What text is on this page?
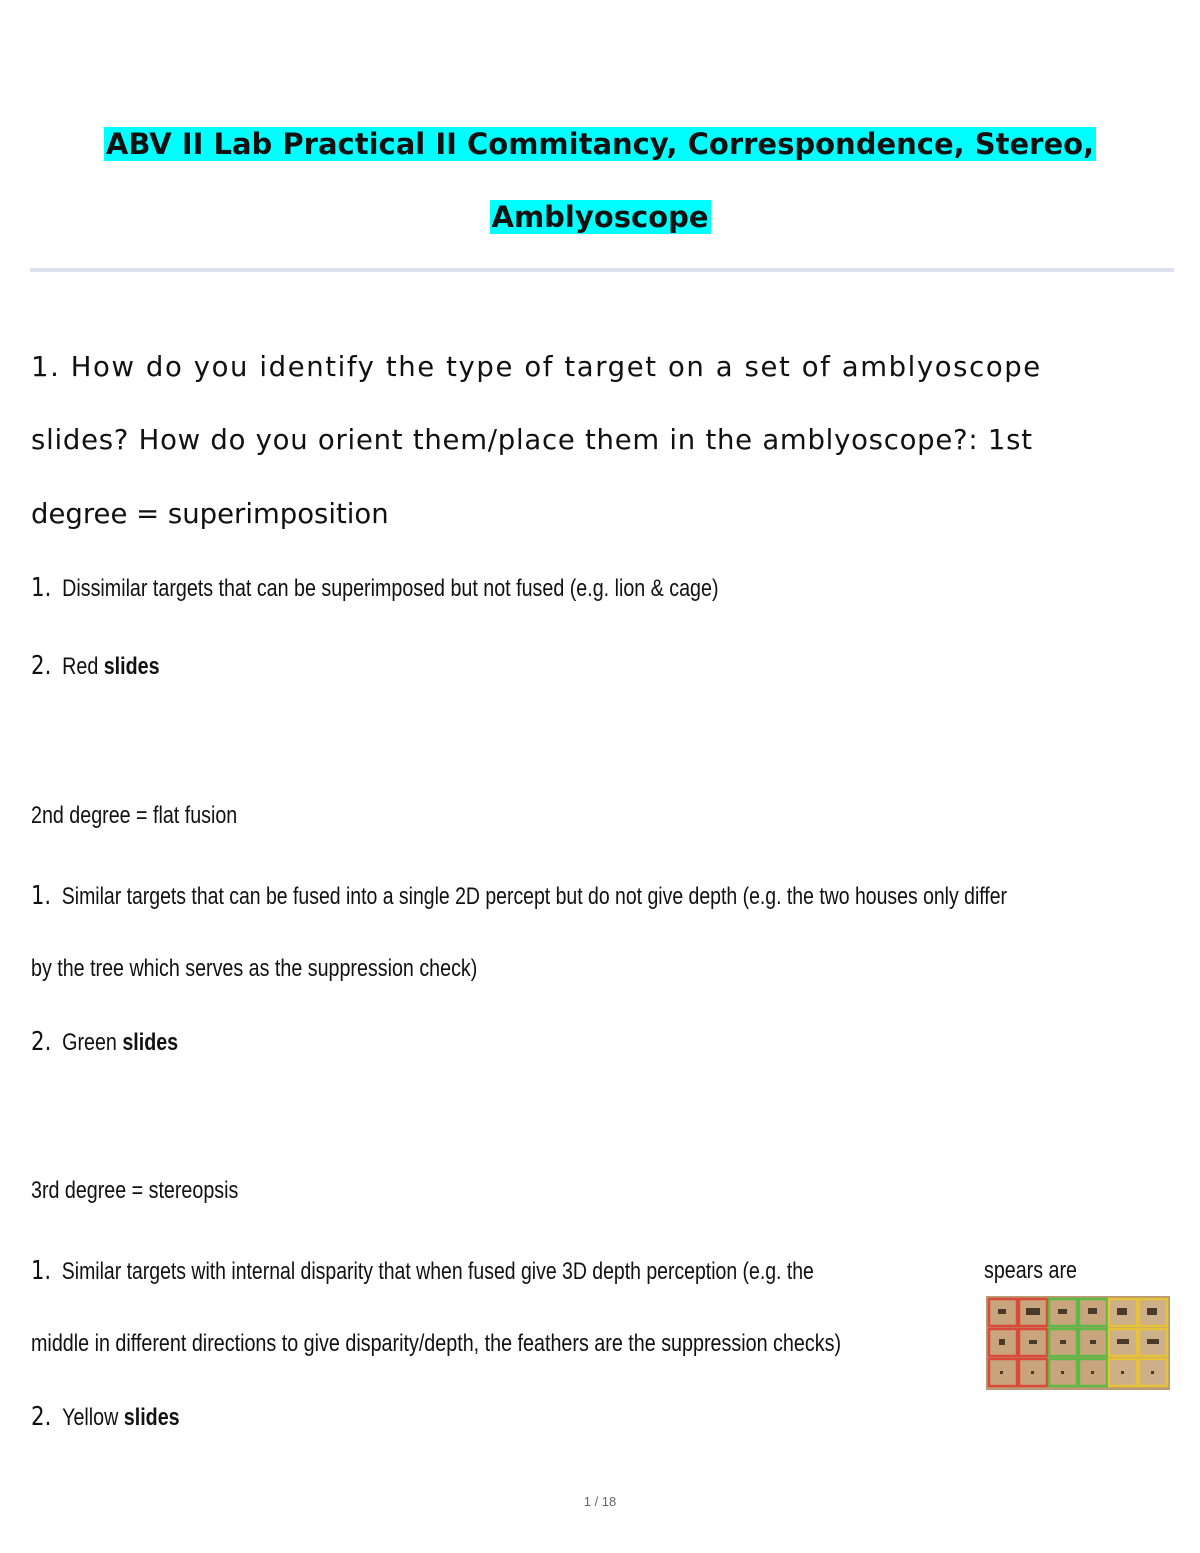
ABV II Lab Practical II Commitancy, Correspondence, Stereo,
Amblyoscope
1. How do you identify the type of target on a set of amblyoscope
slides? How do you orient them/place them in the amblyoscope?: 1st
degree = superimposition
1. Dissimilar targets that can be superimposed but not fused (e.g. lion & cage)
2. Red slides
2nd degree = flat fusion
1. Similar targets that can be fused into a single 2D percept but do not give depth (e.g. the two houses only differ
by the tree which serves as the suppression check)
2. Green slides
3rd degree = stereopsis
1. Similar targets with internal disparity that when fused give 3D depth perception (e.g. the	spears are
middle in different directions to give disparity/depth, the feathers are the suppression checks)
2. Yellow slides
1 / 18
